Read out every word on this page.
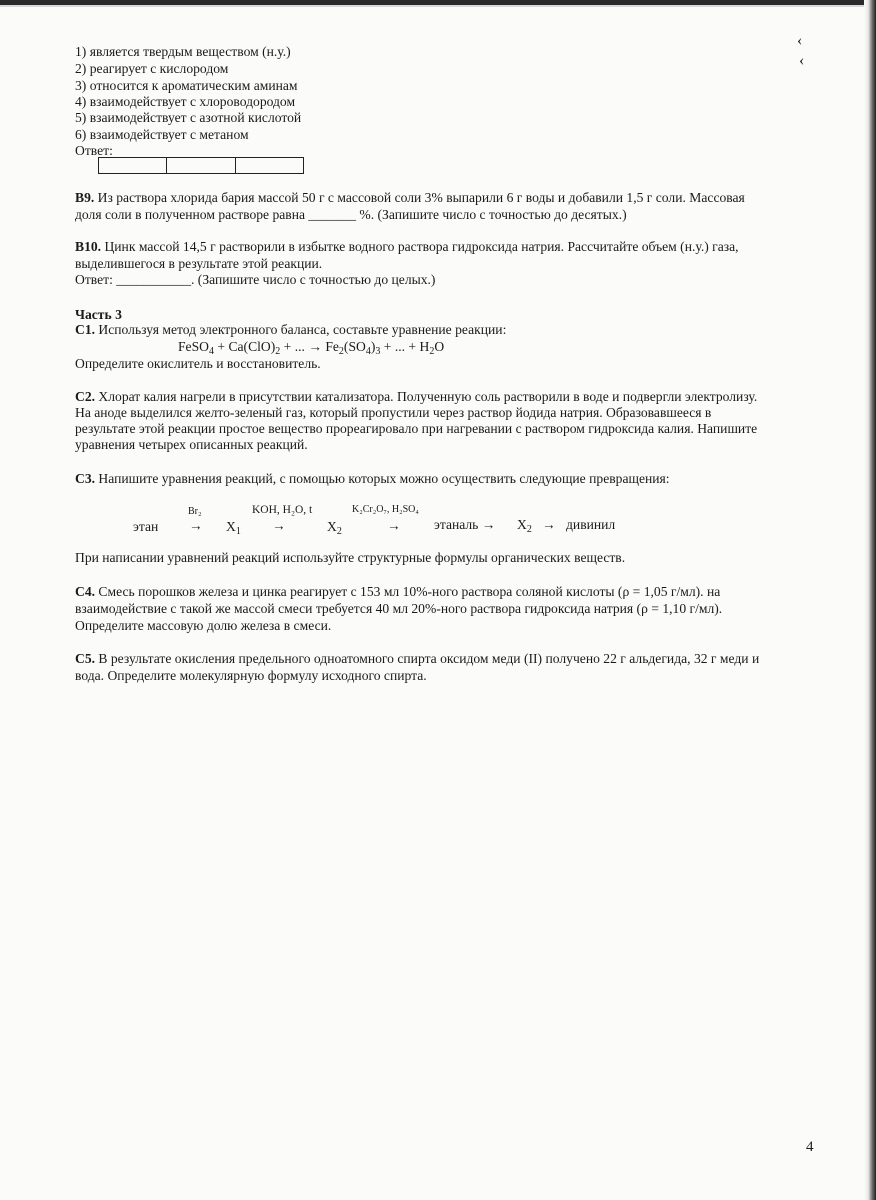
‹
‹
1) является твердым веществом (н.у.)
2) реагирует с кислородом
3) относится к ароматическим аминам
4) взаимодействует с хлороводородом
5) взаимодействует с азотной кислотой
6) взаимодействует с метаном
Ответ:
В9. Из раствора хлорида бария массой 50 г с массовой соли 3% выпарили 6 г воды и добавили 1,5 г соли. Массовая
доля соли в полученном растворе равна _______ %. (Запишите число с точностью до десятых.)
В10. Цинк массой 14,5 г растворили в избытке водного раствора гидроксида натрия. Рассчитайте объем (н.у.) газа,
выделившегося в результате этой реакции.
Ответ: ___________. (Запишите число с точностью до целых.)
Часть 3
С1. Используя метод электронного баланса, составьте уравнение реакции:
FeSO$_4$ + $Ca(ClO)_2$ + ... → $Fe_2(SO_4)_3$ + ... + $H_2O$
Определите окислитель и восстановитель.
С2. Хлорат калия нагрели в присутствии катализатора. Полученную соль растворили в воде и подвергли электролизу.
На аноде выделился желто-зеленый газ, который пропустили через раствор йодида натрия. Образовавшееся в
результате этой реакции простое вещество прореагировало при нагревании с раствором гидроксида калия. Напишите
уравнения четырех описанных реакций.
С3. Напишите уравнения реакций, с помощью которых можно осуществить следующие превращения:
Br₂	KOH, H₂O, t	K₂Cr₂O₇, H₂SO₄
этан → $X_1$ →	$X_2$	→ этаналь → $X_2$ → дивинил
При написании уравнений реакций используйте структурные формулы органических веществ.
С4. Смесь порошков железа и цинка реагирует с 153 мл 10%-ного раствора соляной кислоты (ρ = 1,05 г/мл). на
взаимодействие с такой же массой смеси требуется 40 мл 20%-ного раствора гидроксида натрия (ρ = 1,10 г/мл).
Определите массовую долю железа в смеси.
С5. В результате окисления предельного одноатомного спирта оксидом меди (II) получено 22 г альдегида, 32 г меди и
вода. Определите молекулярную формулу исходного спирта.
4
